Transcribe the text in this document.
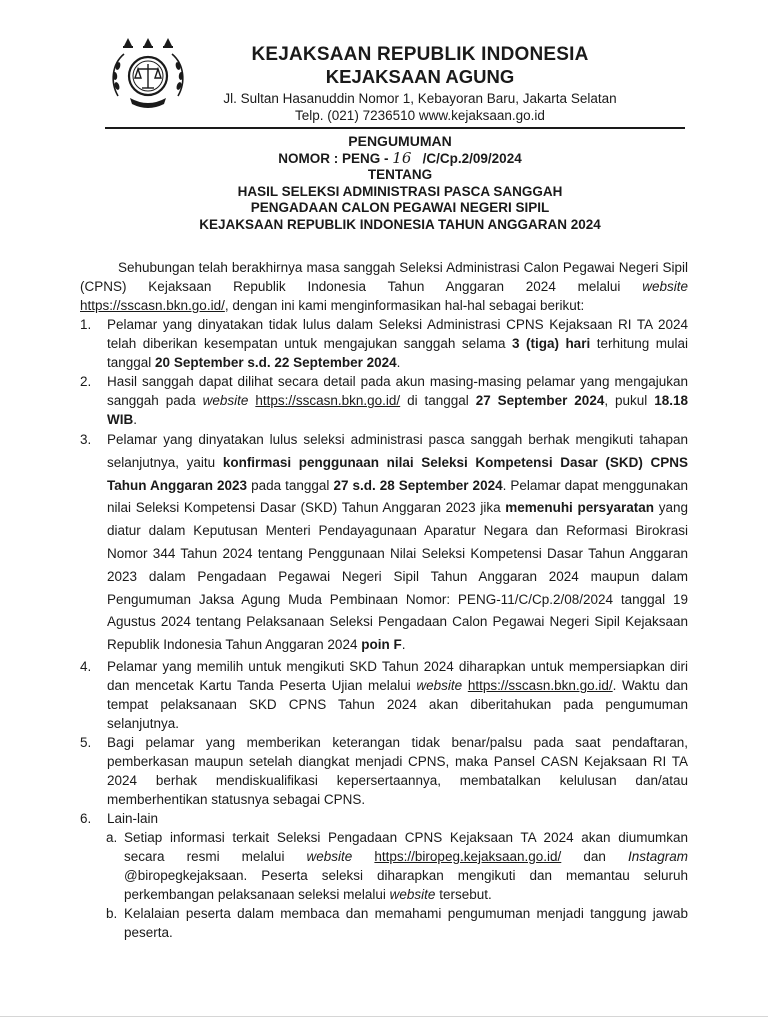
KEJAKSAAN REPUBLIK INDONESIA
KEJAKSAAN AGUNG
Jl. Sultan Hasanuddin Nomor 1, Kebayoran Baru, Jakarta Selatan
Telp. (021) 7236510 www.kejaksaan.go.id
PENGUMUMAN
NOMOR : PENG - 16 /C/Cp.2/09/2024
TENTANG
HASIL SELEKSI ADMINISTRASI PASCA SANGGAH
PENGADAAN CALON PEGAWAI NEGERI SIPIL
KEJAKSAAN REPUBLIK INDONESIA TAHUN ANGGARAN 2024

Sehubungan telah berakhirnya masa sanggah Seleksi Administrasi Calon Pegawai Negeri Sipil (CPNS) Kejaksaan Republik Indonesia Tahun Anggaran 2024 melalui website https://sscasn.bkn.go.id/, dengan ini kami menginformasikan hal-hal sebagai berikut:

1. Pelamar yang dinyatakan tidak lulus dalam Seleksi Administrasi CPNS Kejaksaan RI TA 2024 telah diberikan kesempatan untuk mengajukan sanggah selama 3 (tiga) hari terhitung mulai tanggal 20 September s.d. 22 September 2024.
2. Hasil sanggah dapat dilihat secara detail pada akun masing-masing pelamar yang mengajukan sanggah pada website https://sscasn.bkn.go.id/ di tanggal 27 September 2024, pukul 18.18 WIB.
3. Pelamar yang dinyatakan lulus seleksi administrasi pasca sanggah berhak mengikuti tahapan selanjutnya, yaitu konfirmasi penggunaan nilai Seleksi Kompetensi Dasar (SKD) CPNS Tahun Anggaran 2023 pada tanggal 27 s.d. 28 September 2024. Pelamar dapat menggunakan nilai Seleksi Kompetensi Dasar (SKD) Tahun Anggaran 2023 jika memenuhi persyaratan yang diatur dalam Keputusan Menteri Pendayagunaan Aparatur Negara dan Reformasi Birokrasi Nomor 344 Tahun 2024 tentang Penggunaan Nilai Seleksi Kompetensi Dasar Tahun Anggaran 2023 dalam Pengadaan Pegawai Negeri Sipil Tahun Anggaran 2024 maupun dalam Pengumuman Jaksa Agung Muda Pembinaan Nomor: PENG-11/C/Cp.2/08/2024 tanggal 19 Agustus 2024 tentang Pelaksanaan Seleksi Pengadaan Calon Pegawai Negeri Sipil Kejaksaan Republik Indonesia Tahun Anggaran 2024 poin F.
4. Pelamar yang memilih untuk mengikuti SKD Tahun 2024 diharapkan untuk mempersiapkan diri dan mencetak Kartu Tanda Peserta Ujian melalui website https://sscasn.bkn.go.id/. Waktu dan tempat pelaksanaan SKD CPNS Tahun 2024 akan diberitahukan pada pengumuman selanjutnya.
5. Bagi pelamar yang memberikan keterangan tidak benar/palsu pada saat pendaftaran, pemberkasan maupun setelah diangkat menjadi CPNS, maka Pansel CASN Kejaksaan RI TA 2024 berhak mendiskualifikasi kepersertaannya, membatalkan kelulusan dan/atau memberhentikan statusnya sebagai CPNS.
6. Lain-lain
a. Setiap informasi terkait Seleksi Pengadaan CPNS Kejaksaan TA 2024 akan diumumkan secara resmi melalui website https://biropeg.kejaksaan.go.id/ dan Instagram @biropegkejaksaan. Peserta seleksi diharapkan mengikuti dan memantau seluruh perkembangan pelaksanaan seleksi melalui website tersebut.
b. Kelalaian peserta dalam membaca dan memahami pengumuman menjadi tanggung jawab peserta.
